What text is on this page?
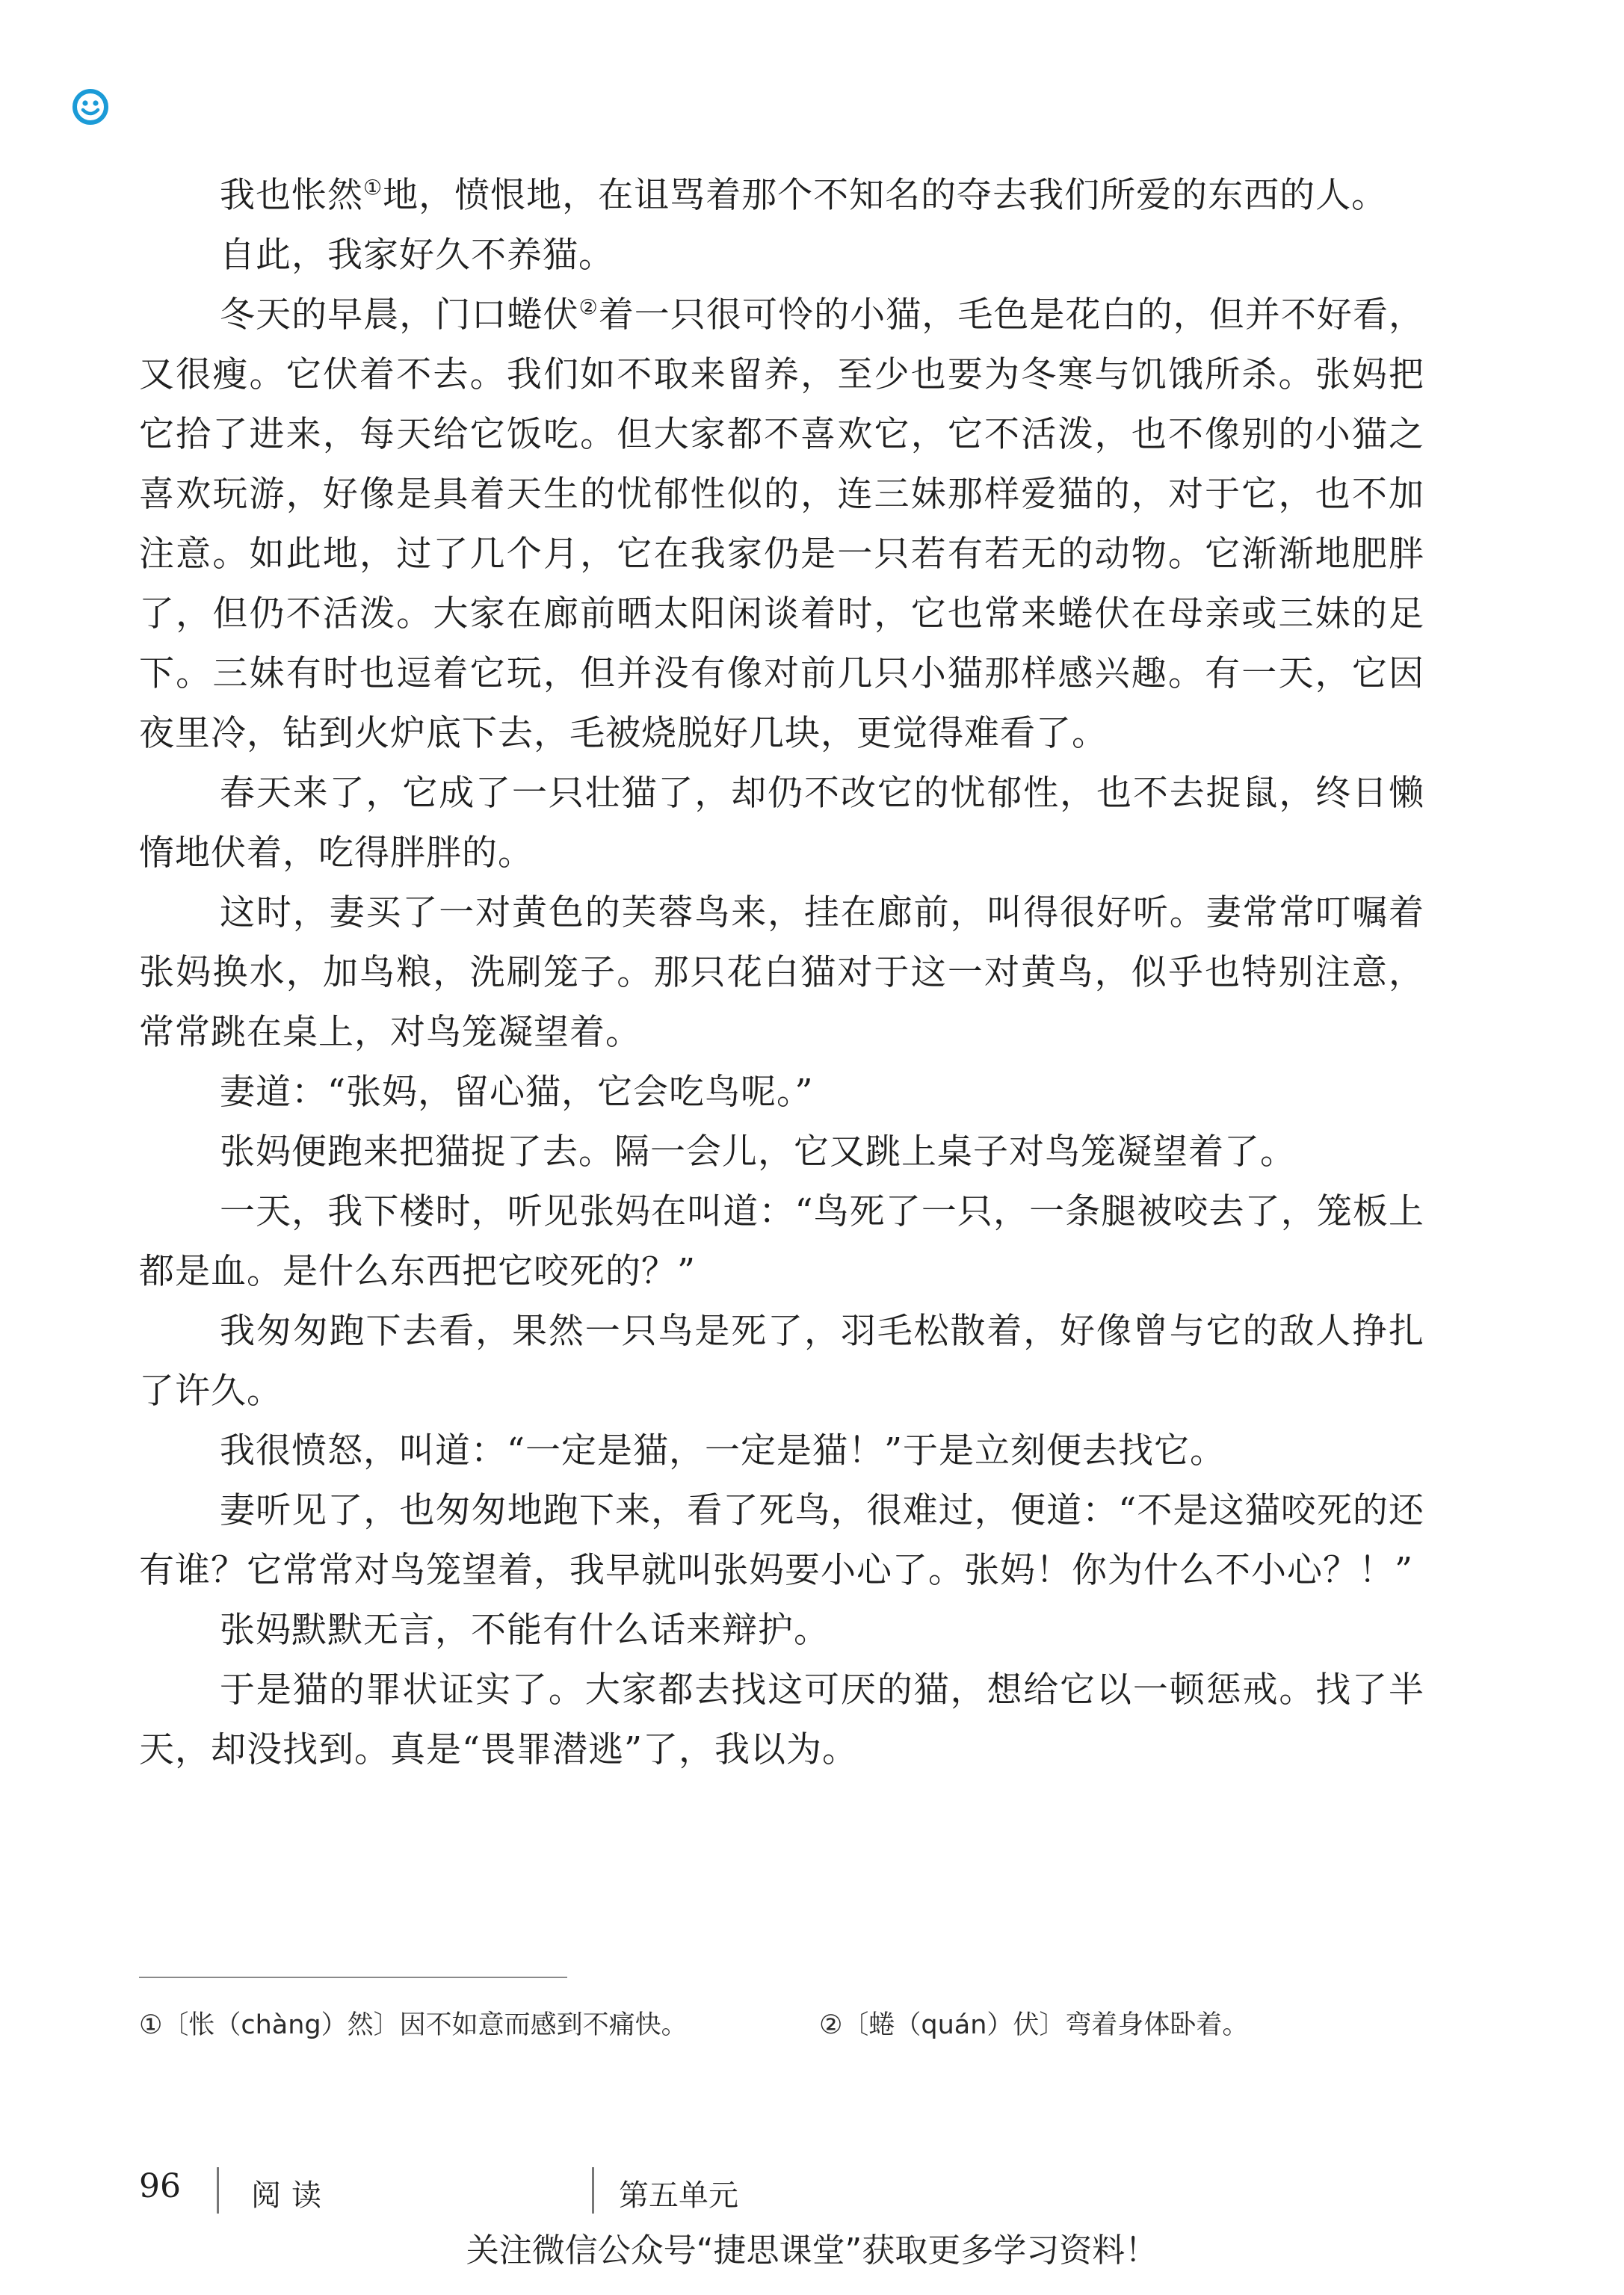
我也怅然①地，愤恨地，在诅骂着那个不知名的夺去我们所爱的东西的人。

自此，我家好久不养猫。

冬天的早晨，门口蜷伏②着一只很可怜的小猫，毛色是花白的，但并不好看，又很瘦。它伏着不去。我们如不取来留养，至少也要为冬寒与饥饿所杀。张妈把它拾了进来，每天给它饭吃。但大家都不喜欢它，它不活泼，也不像别的小猫之喜欢玩游，好像是具着天生的忧郁性似的，连三妹那样爱猫的，对于它，也不加注意。如此地，过了几个月，它在我家仍是一只若有若无的动物。它渐渐地肥胖了，但仍不活泼。大家在廊前晒太阳闲谈着时，它也常来蜷伏在母亲或三妹的足下。三妹有时也逗着它玩，但并没有像对前几只小猫那样感兴趣。有一天，它因夜里冷，钻到火炉底下去，毛被烧脱好几块，更觉得难看了。

春天来了，它成了一只壮猫了，却仍不改它的忧郁性，也不去捉鼠，终日懒惰地伏着，吃得胖胖的。

这时，妻买了一对黄色的芙蓉鸟来，挂在廊前，叫得很好听。妻常常叮嘱着张妈换水，加鸟粮，洗刷笼子。那只花白猫对于这一对黄鸟，似乎也特别注意，常常跳在桌上，对鸟笼凝望着。

妻道：“张妈，留心猫，它会吃鸟呢。”

张妈便跑来把猫捉了去。隔一会儿，它又跳上桌子对鸟笼凝望着了。

一天，我下楼时，听见张妈在叫道：“鸟死了一只，一条腿被咬去了，笼板上都是血。是什么东西把它咬死的？”

我匆匆跑下去看，果然一只鸟是死了，羽毛松散着，好像曾与它的敌人挣扎了许久。

我很愤怒，叫道：“一定是猫，一定是猫！”于是立刻便去找它。

妻听见了，也匆匆地跑下来，看了死鸟，很难过，便道：“不是这猫咬死的还有谁？它常常对鸟笼望着，我早就叫张妈要小心了。张妈！你为什么不小心？！”

张妈默默无言，不能有什么话来辩护。

于是猫的罪状证实了。大家都去找这可厌的猫，想给它以一顿惩戒。找了半天，却没找到。真是“畏罪潜逃”了，我以为。

①〔怅（chàng）然〕因不如意而感到不痛快。	②〔蜷（quán）伏〕弯着身体卧着。
96 阅读	第五单元
关注微信公众号“捷思课堂”获取更多学习资料！
